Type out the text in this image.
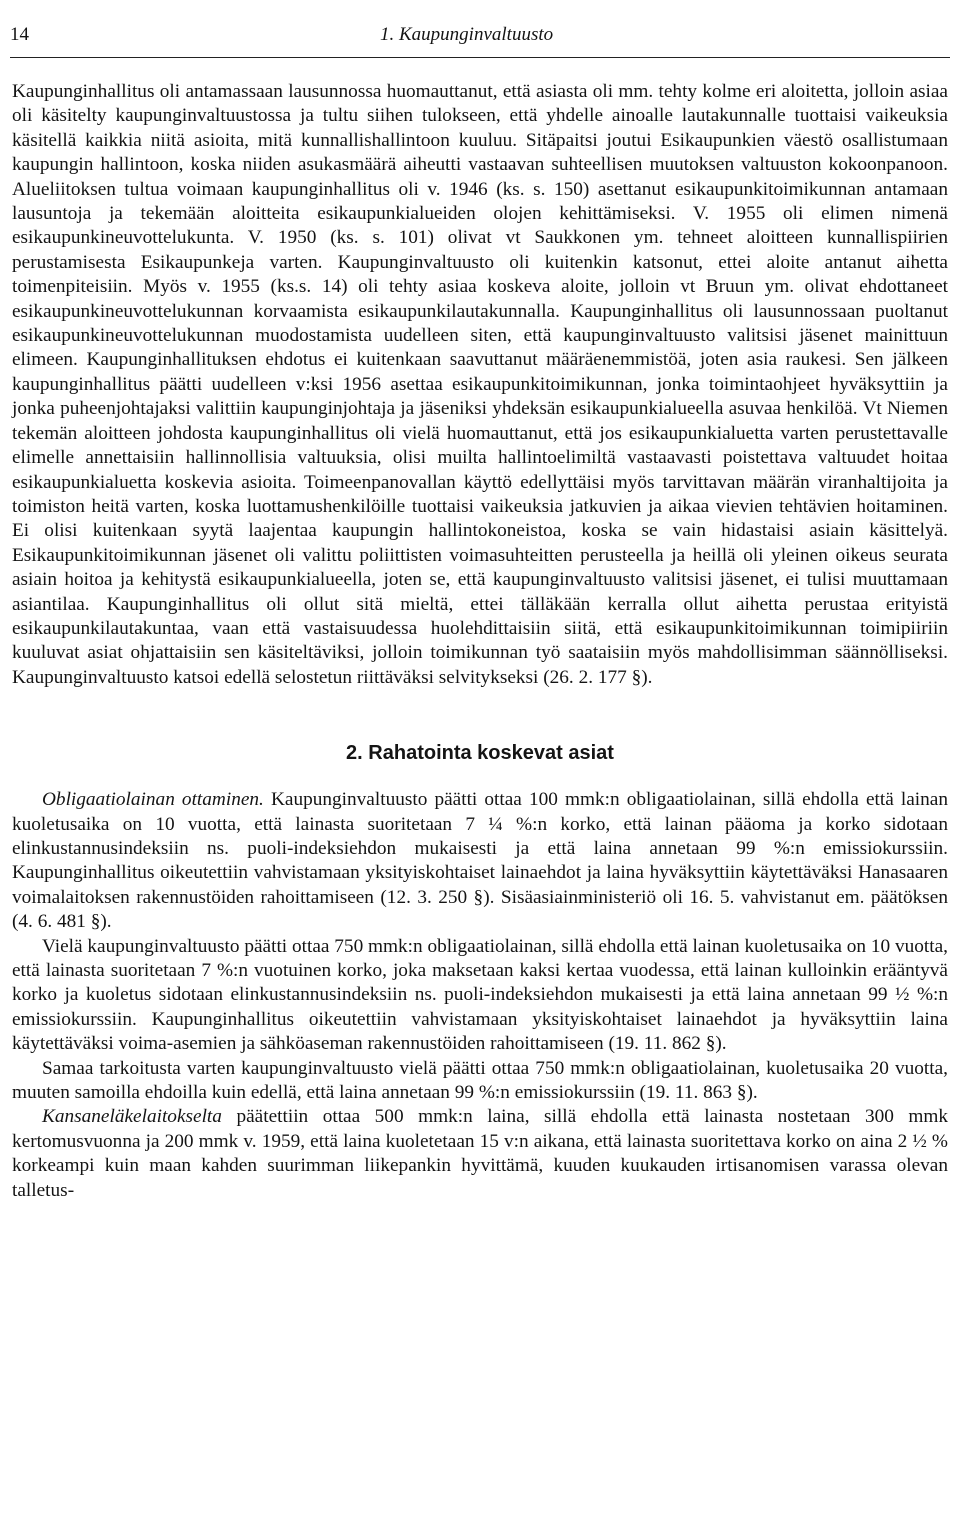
14	1. Kaupunginvaltuusto

Kaupunginhallitus oli antamassaan lausunnossa huomauttanut, että asiasta oli mm. tehty kolme eri aloitetta, jolloin asiaa oli käsitelty kaupunginvaltuustossa ja tultu siihen tulokseen, että yhdelle ainoalle lautakunnalle tuottaisi vaikeuksia käsitellä kaikkia niitä asioita, mitä kunnallishallintoon kuuluu. Sitäpaitsi joutui Esikaupunkien väestö osallistumaan kaupungin hallintoon, koska niiden asukasmäärä aiheutti vastaavan suhteellisen muutoksen valtuuston kokoonpanoon. Alueliitoksen tultua voimaan kaupunginhallitus oli v. 1946 (ks. s. 150) asettanut esikaupunkitoimikunnan antamaan lausuntoja ja tekemään aloitteita esikaupunkialueiden olojen kehittämiseksi. V. 1955 oli elimen nimenä esikaupunkineuvottelukunta. V. 1950 (ks. s. 101) olivat vt Saukkonen ym. tehneet aloitteen kunnallispiirien perustamisesta Esikaupunkeja varten. Kaupunginvaltuusto oli kuitenkin katsonut, ettei aloite antanut aihetta toimenpiteisiin. Myös v. 1955 (ks.s. 14) oli tehty asiaa koskeva aloite, jolloin vt Bruun ym. olivat ehdottaneet esikaupunkineuvottelukunnan korvaamista esikaupunkilautakunnalla. Kaupunginhallitus oli lausunnossaan puoltanut esikaupunkineuvottelukunnan muodostamista uudelleen siten, että kaupunginvaltuusto valitsisi jäsenet mainittuun elimeen. Kaupunginhallituksen ehdotus ei kuitenkaan saavuttanut määräenemmistöä, joten asia raukesi. Sen jälkeen kaupunginhallitus päätti uudelleen v:ksi 1956 asettaa esikaupunkitoimikunnan, jonka toimintaohjeet hyväksyttiin ja jonka puheenjohtajaksi valittiin kaupunginjohtaja ja jäseniksi yhdeksän esikaupunkialueella asuvaa henkilöä. Vt Niemen tekemän aloitteen johdosta kaupunginhallitus oli vielä huomauttanut, että jos esikaupunkialuetta varten perustettavalle elimelle annettaisiin hallinnollisia valtuuksia, olisi muilta hallintoelimiltä vastaavasti poistettava valtuudet hoitaa esikaupunkialuetta koskevia asioita. Toimeenpanovallan käyttö edellyttäisi myös tarvittavan määrän viranhaltijoita ja toimiston heitä varten, koska luottamushenkilöille tuottaisi vaikeuksia jatkuvien ja aikaa vievien tehtävien hoitaminen. Ei olisi kuitenkaan syytä laajentaa kaupungin hallintokoneistoa, koska se vain hidastaisi asiain käsittelyä. Esikaupunkitoimikunnan jäsenet oli valittu poliittisten voimasuhteitten perusteella ja heillä oli yleinen oikeus seurata asiain hoitoa ja kehitystä esikaupunkialueella, joten se, että kaupunginvaltuusto valitsisi jäsenet, ei tulisi muuttamaan asiantilaa. Kaupunginhallitus oli ollut sitä mieltä, ettei tälläkään kerralla ollut aihetta perustaa erityistä esikaupunkilautakuntaa, vaan että vastaisuudessa huolehdittaisiin siitä, että esikaupunkitoimikunnan toimipiiriin kuuluvat asiat ohjattaisiin sen käsiteltäviksi, jolloin toimikunnan työ saataisiin myös mahdollisimman säännölliseksi. Kaupunginvaltuusto katsoi edellä selostetun riittäväksi selvitykseksi (26. 2. 177 §).

2. Rahatointa koskevat asiat

Obligaatiolainan ottaminen. Kaupunginvaltuusto päätti ottaa 100 mmk:n obligaatiolainan, sillä ehdolla että lainan kuoletusaika on 10 vuotta, että lainasta suoritetaan 7 ¼ %:n korko, että lainan pääoma ja korko sidotaan elinkustannusindeksiin ns. puoli-indeksiehdon mukaisesti ja että laina annetaan 99 %:n emissiokurssiin. Kaupunginhallitus oikeutettiin vahvistamaan yksityiskohtaiset lainaehdot ja laina hyväksyttiin käytettäväksi Hanasaaren voimalaitoksen rakennustöiden rahoittamiseen (12. 3. 250 §). Sisäasiainministeriö oli 16. 5. vahvistanut em. päätöksen (4. 6. 481 §).

Vielä kaupunginvaltuusto päätti ottaa 750 mmk:n obligaatiolainan, sillä ehdolla että lainan kuoletusaika on 10 vuotta, että lainasta suoritetaan 7 %:n vuotuinen korko, joka maksetaan kaksi kertaa vuodessa, että lainan kulloinkin erääntyvä korko ja kuoletus sidotaan elinkustannusindeksiin ns. puoli-indeksiehdon mukaisesti ja että laina annetaan 99 ½ %:n emissiokurssiin. Kaupunginhallitus oikeutettiin vahvistamaan yksityiskohtaiset lainaehdot ja hyväksyttiin laina käytettäväksi voima-asemien ja sähköaseman rakennustöiden rahoittamiseen (19. 11. 862 §).

Samaa tarkoitusta varten kaupunginvaltuusto vielä päätti ottaa 750 mmk:n obligaatiolainan, kuoletusaika 20 vuotta, muuten samoilla ehdoilla kuin edellä, että laina annetaan 99 %:n emissiokurssiin (19. 11. 863 §).

Kansaneläkelaitokselta päätettiin ottaa 500 mmk:n laina, sillä ehdolla että lainasta nostetaan 300 mmk kertomusvuonna ja 200 mmk v. 1959, että laina kuoletetaan 15 v:n aikana, että lainasta suoritettava korko on aina 2 ½ % korkeampi kuin maan kahden suurimman liikepankin hyvittämä, kuuden kuukauden irtisanomisen varassa olevan talletus-
